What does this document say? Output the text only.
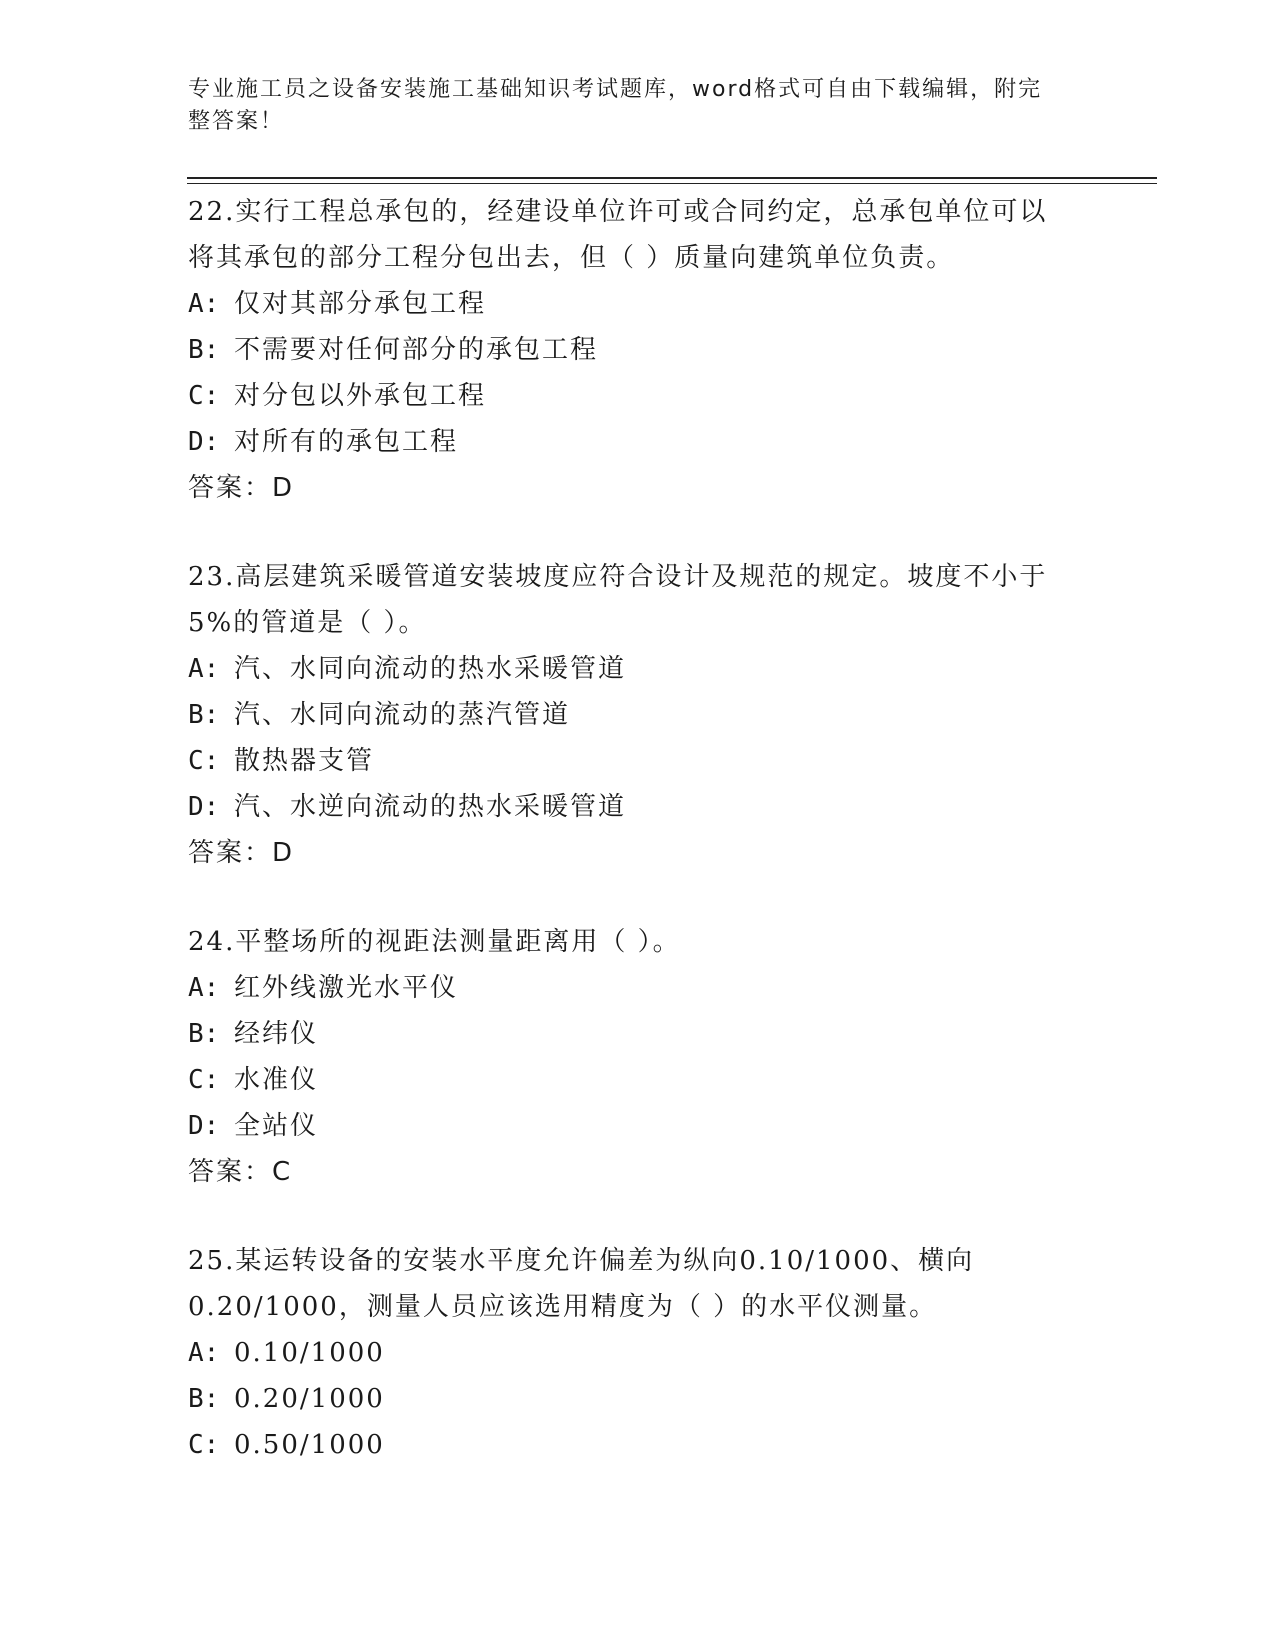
专业施工员之设备安装施工基础知识考试题库，word格式可自由下载编辑，附完
整答案！
22.实行工程总承包的，经建设单位许可或合同约定，总承包单位可以
将其承包的部分工程分包出去，但（ ）质量向建筑单位负责。
A: 仅对其部分承包工程
B: 不需要对任何部分的承包工程
C: 对分包以外承包工程
D: 对所有的承包工程
答案：D
23.高层建筑采暖管道安装坡度应符合设计及规范的规定。坡度不小于
5%的管道是（ ）。
A: 汽、水同向流动的热水采暖管道
B: 汽、水同向流动的蒸汽管道
C: 散热器支管
D: 汽、水逆向流动的热水采暖管道
答案：D
24.平整场所的视距法测量距离用（ ）。
A: 红外线激光水平仪
B: 经纬仪
C: 水准仪
D: 全站仪
答案：C
25.某运转设备的安装水平度允许偏差为纵向0.10/1000、横向
0.20/1000，测量人员应该选用精度为（ ）的水平仪测量。
A: 0.10/1000
B: 0.20/1000
C: 0.50/1000
